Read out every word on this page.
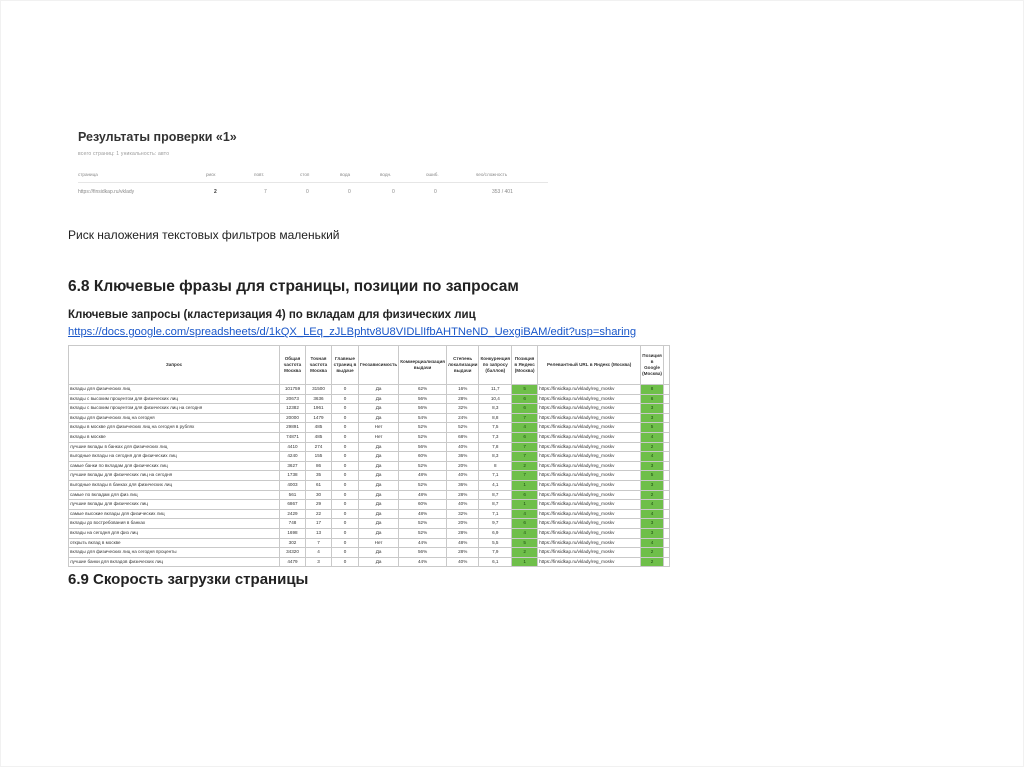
Результаты проверки «1»
всего страниц: 1 уникальность: авто
страница	риск	повт.	стоп	вода	водн.	ошиб.	seo/сложность
https://finsidkap.ru/vklady	2	7	0	0	0	0	353 / 401
Риск наложения текстовых фильтров маленький
6.8 Ключевые фразы для страницы, позиции по запросам
Ключевые запросы (кластеризация 4) по вкладам для физических лиц
https://docs.google.com/spreadsheets/d/1kQX_LEq_zJLBphtv8U8VIDLlIfbAHTNeND_UexgiBAM/edit?usp=sharing
Запрос	Общая частота Москва	Точная частота Москва	Главные страниц в выдаче	Геозависимость	Коммерциализация выдачи	Степень локализации выдачи	Конкуренция по запросу (баллов)	Позиция в Яндекс (Москва)	Релевантный URL в Яндекс (Москва)	Позиция в Google (Москва)	
вклады для физических лиц	101759	31500	0	Да	62%	16%	11,7	5	https://finsidkap.ru/vklady/reg_moskv	8	
вклады с высоким процентом для физических лиц	20673	3636	0	Да	56%	28%	10,4	6	https://finsidkap.ru/vklady/reg_moskv	6	
вклады с высоким процентом для физических лиц на сегодня	12382	1961	0	Да	56%	32%	8,3	6	https://finsidkap.ru/vklady/reg_moskv	3	
вклады для физических лиц на сегодня	20000	1479	0	Да	54%	24%	8,8	7	https://finsidkap.ru/vklady/reg_moskv	3	
вклады в москве для физических лиц на сегодня в рублях	29891	485	0	Нет	52%	52%	7,5	4	https://finsidkap.ru/vklady/reg_moskv	5	
вклады в москве	74871	485	0	Нет	52%	68%	7,3	6	https://finsidkap.ru/vklady/reg_moskv	4	
лучшие вклады в банках для физических лиц	4410	274	0	Да	56%	40%	7,8	7	https://finsidkap.ru/vklady/reg_moskv	2	
выгодные вклады на сегодня для физических лиц	4240	155	0	Да	60%	36%	8,3	7	https://finsidkap.ru/vklady/reg_moskv	4	
самые банки по вкладам для физических лиц	3627	86	0	Да	52%	20%	8	2	https://finsidkap.ru/vklady/reg_moskv	3	
лучшие вклады для физических лиц на сегодня	1738	35	0	Да	48%	40%	7,1	7	https://finsidkap.ru/vklady/reg_moskv	5	
выгодные вклады в банках для физических лиц	4003	61	0	Да	52%	36%	4,1	1	https://finsidkap.ru/vklady/reg_moskv	3	
самые по вкладам для физ лиц	561	30	0	Да	48%	28%	8,7	6	https://finsidkap.ru/vklady/reg_moskv	2	
лучшие вклады для физических лиц	6867	29	0	Да	60%	40%	8,7	1	https://finsidkap.ru/vklady/reg_moskv	4	
самые высокие вклады для физических лиц	2429	22	0	Да	48%	32%	7,1	4	https://finsidkap.ru/vklady/reg_moskv	4	
вклады до востребования в банках	748	17	0	Да	52%	20%	9,7	6	https://finsidkap.ru/vklady/reg_moskv	3	
вклады на сегодня для физ лиц	1698	13	0	Да	52%	28%	6,9	4	https://finsidkap.ru/vklady/reg_moskv	3	
открыть вклад в москве	302	7	0	Нет	44%	48%	5,5	5	https://finsidkap.ru/vklady/reg_moskv	4	
вклады для физических лиц на сегодня проценты	34320	4	0	Да	56%	28%	7,9	2	https://finsidkap.ru/vklady/reg_moskv	2	
лучшие банки для вкладов физических лиц	4479	3	0	Да	44%	40%	6,1	1	https://finsidkap.ru/vklady/reg_moskv	2	
6.9 Скорость загрузки страницы
